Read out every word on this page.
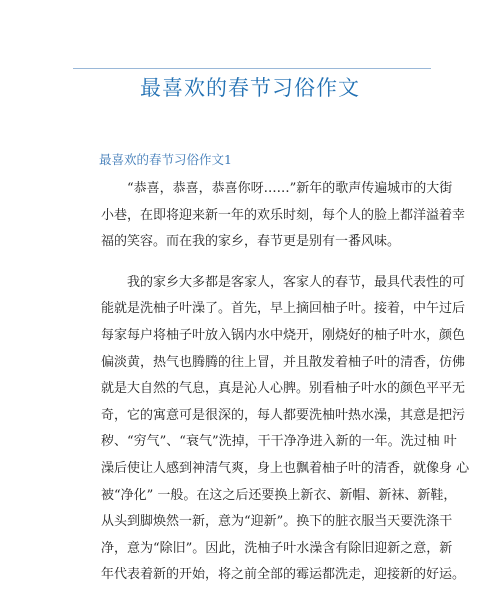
最喜欢的春节习俗作文
最喜欢的春节习俗作文1
“恭喜，恭喜，恭喜你呀……”新年的歌声传遍城市的大街
小巷，在即将迎来新一年的欢乐时刻，每个人的脸上都洋溢着幸
福的笑容。而在我的家乡，春节更是别有一番风味。
我的家乡大多都是客家人，客家人的春节，最具代表性的可
能就是洗柚子叶澡了。首先，早上摘回柚子叶。接着，中午过后
每家每户将柚子叶放入锅内水中烧开，刚烧好的柚子叶水，颜色
偏淡黄，热气也腾腾的往上冒，并且散发着柚子叶的清香，仿佛
就是大自然的气息，真是沁人心脾。别看柚子叶水的颜色平平无
奇，它的寓意可是很深的，每人都要洗柚叶热水澡，其意是把污
秽、“穷气”、“衰气”洗掉，干干净净进入新的一年。洗过柚 叶
澡后使让人感到神清气爽，身上也飘着柚子叶的清香，就像身 心
被“净化” 一般。在这之后还要换上新衣、新帽、新袜、新鞋，
从头到脚焕然一新，意为“迎新”。换下的脏衣服当天要洗涤干
净，意为“除旧”。因此，洗柚子叶水澡含有除旧迎新之意，新
年代表着新的开始，将之前全部的霉运都洗走，迎接新的好运。
